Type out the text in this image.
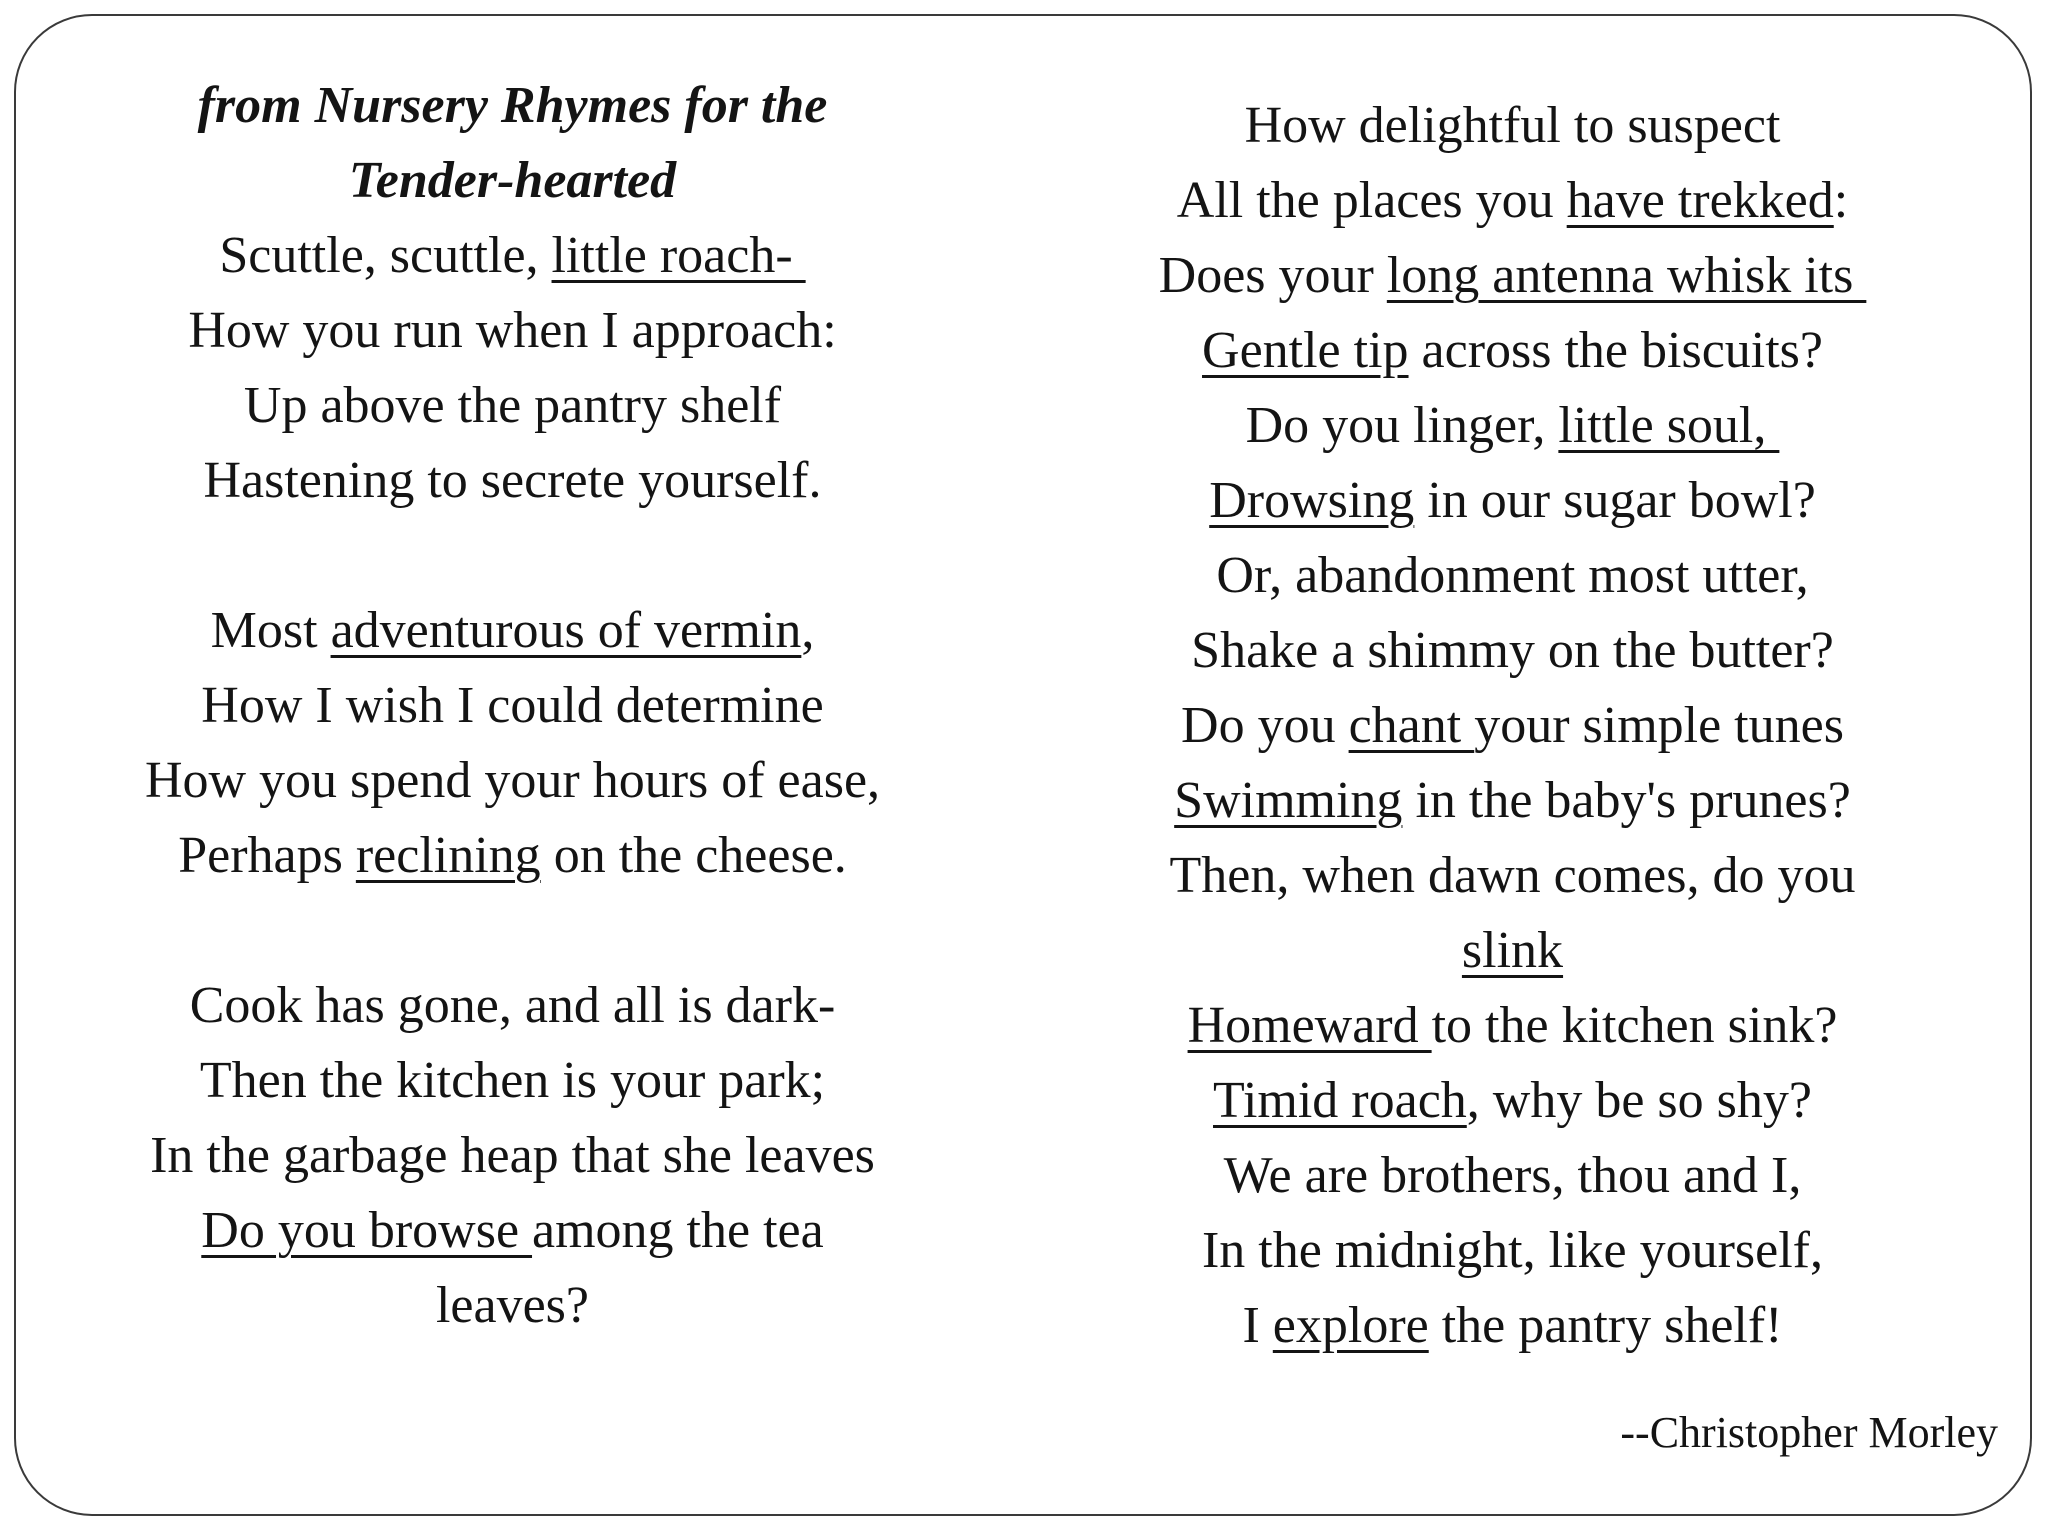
from Nursery Rhymes for the
Tender-hearted
Scuttle, scuttle, little roach-
How you run when I approach:
Up above the pantry shelf
Hastening to secrete yourself.
Most adventurous of vermin,
How I wish I could determine
How you spend your hours of ease,
Perhaps reclining on the cheese.
Cook has gone, and all is dark-
Then the kitchen is your park;
In the garbage heap that she leaves
Do you browse among the tea
leaves?
How delightful to suspect
All the places you have trekked:
Does your long antenna whisk its
Gentle tip across the biscuits?
Do you linger, little soul,
Drowsing in our sugar bowl?
Or, abandonment most utter,
Shake a shimmy on the butter?
Do you chant your simple tunes
Swimming in the baby's prunes?
Then, when dawn comes, do you
slink
Homeward to the kitchen sink?
Timid roach, why be so shy?
We are brothers, thou and I,
In the midnight, like yourself,
I explore the pantry shelf!
--Christopher Morley
